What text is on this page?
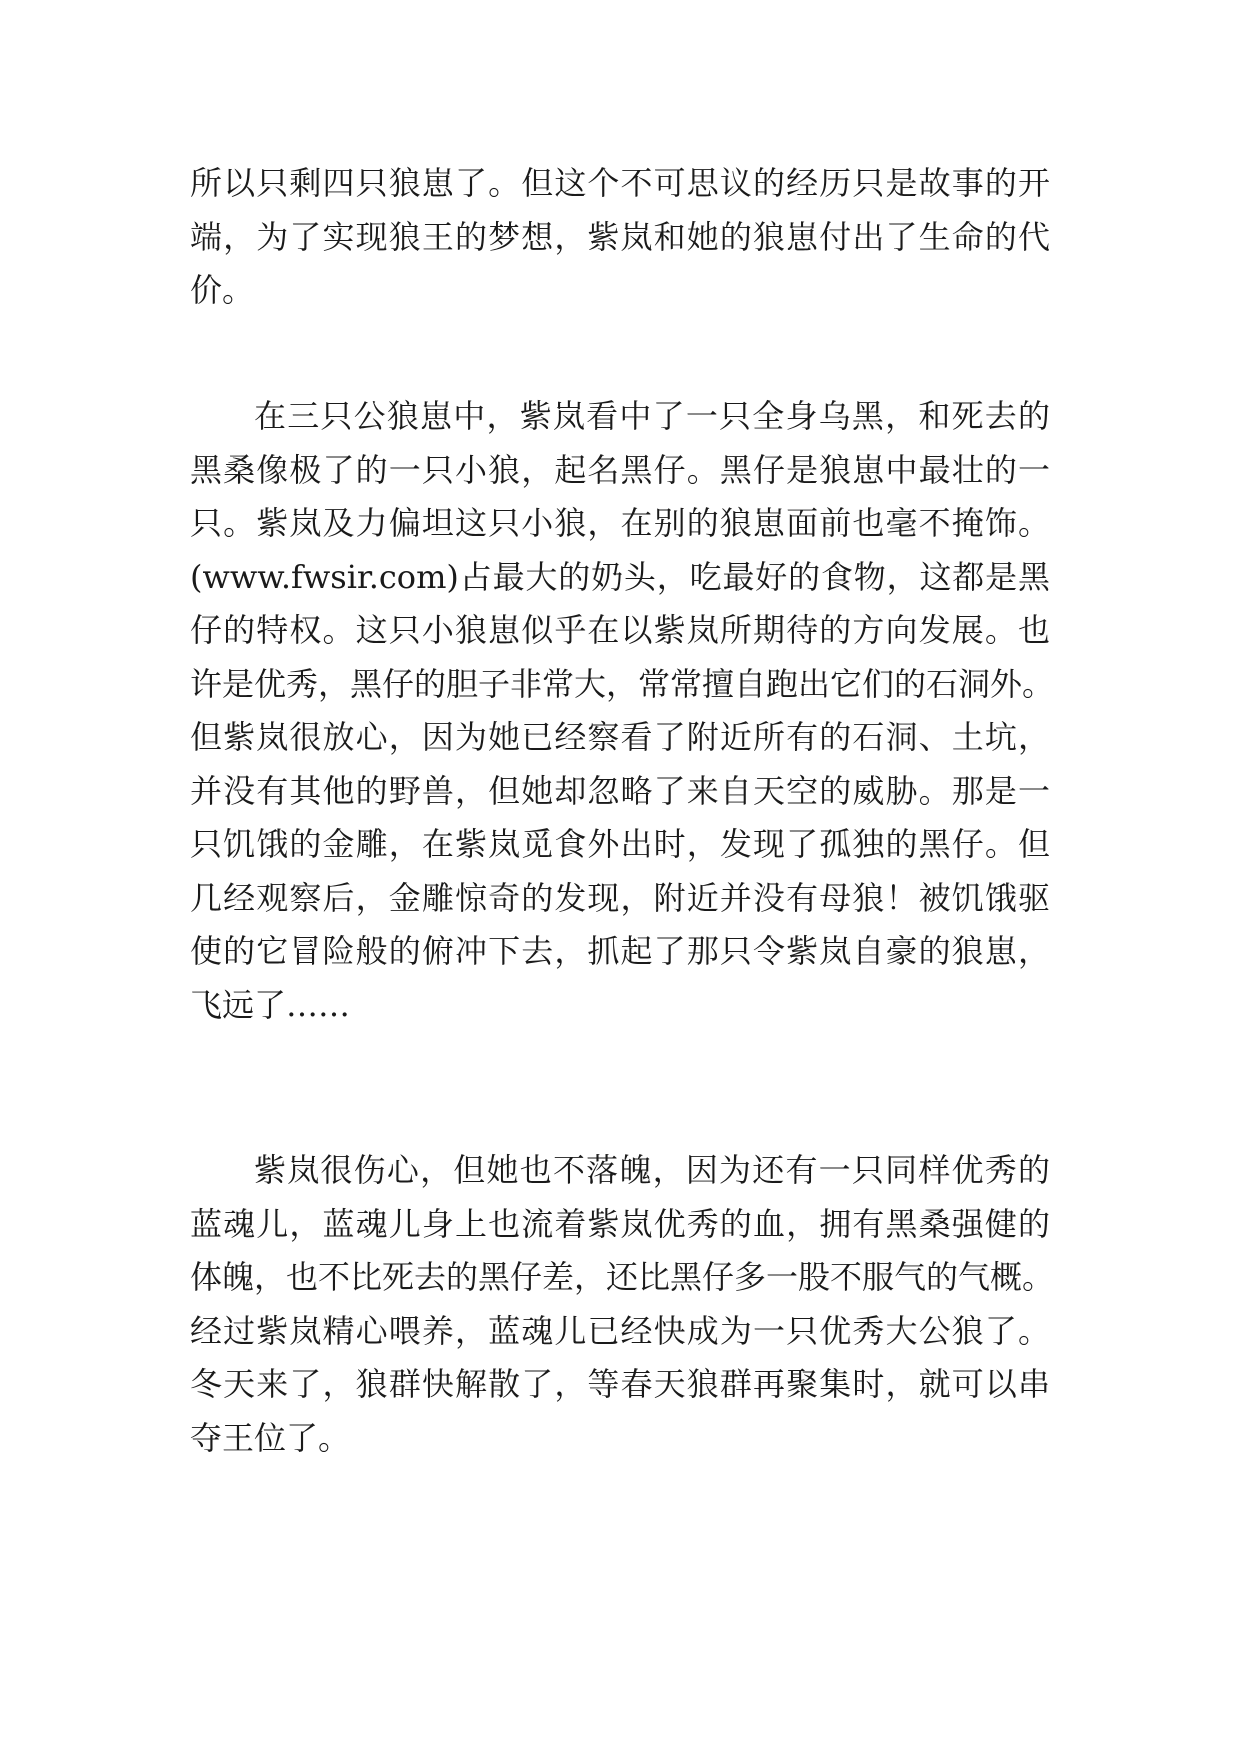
所以只剩四只狼崽了。但这个不可思议的经历只是故事的开
端，为了实现狼王的梦想，紫岚和她的狼崽付出了生命的代
价。
在三只公狼崽中，紫岚看中了一只全身乌黑，和死去的
黑桑像极了的一只小狼，起名黑仔。黑仔是狼崽中最壮的一
只。紫岚及力偏坦这只小狼，在别的狼崽面前也毫不掩饰。
(www.fwsir.com)占最大的奶头，吃最好的食物，这都是黑
仔的特权。这只小狼崽似乎在以紫岚所期待的方向发展。也
许是优秀，黑仔的胆子非常大，常常擅自跑出它们的石洞外。
但紫岚很放心，因为她已经察看了附近所有的石洞、土坑，
并没有其他的野兽，但她却忽略了来自天空的威胁。那是一
只饥饿的金雕，在紫岚觅食外出时，发现了孤独的黑仔。但
几经观察后，金雕惊奇的发现，附近并没有母狼！被饥饿驱
使的它冒险般的俯冲下去，抓起了那只令紫岚自豪的狼崽，
飞远了……
紫岚很伤心，但她也不落魄，因为还有一只同样优秀的
蓝魂儿，蓝魂儿身上也流着紫岚优秀的血，拥有黑桑强健的
体魄，也不比死去的黑仔差，还比黑仔多一股不服气的气概。
经过紫岚精心喂养，蓝魂儿已经快成为一只优秀大公狼了。
冬天来了，狼群快解散了，等春天狼群再聚集时，就可以串
夺王位了。
